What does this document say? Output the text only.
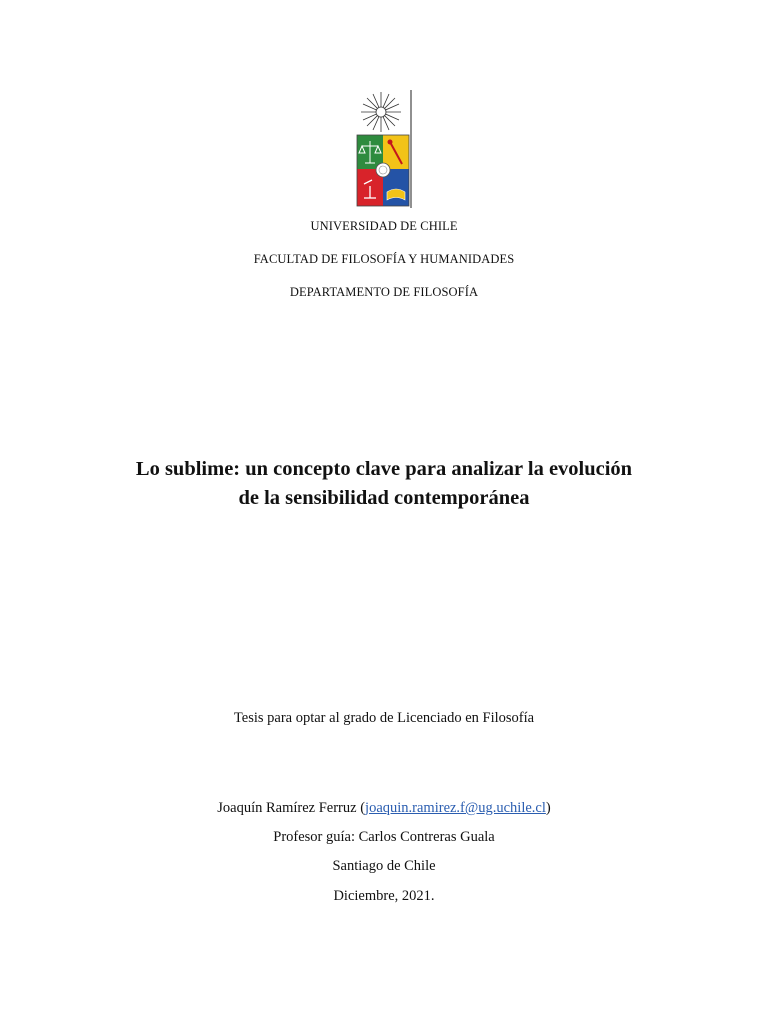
UNIVERSIDAD DE CHILE
FACULTAD DE FILOSOFÍA Y HUMANIDADES
DEPARTAMENTO DE FILOSOFÍA
Lo sublime: un concepto clave para analizar la evolución
de la sensibilidad contemporánea
Tesis para optar al grado de Licenciado en Filosofía
Joaquín Ramírez Ferruz (joaquin.ramirez.f@ug.uchile.cl)
Profesor guía: Carlos Contreras Guala
Santiago de Chile
Diciembre, 2021.
